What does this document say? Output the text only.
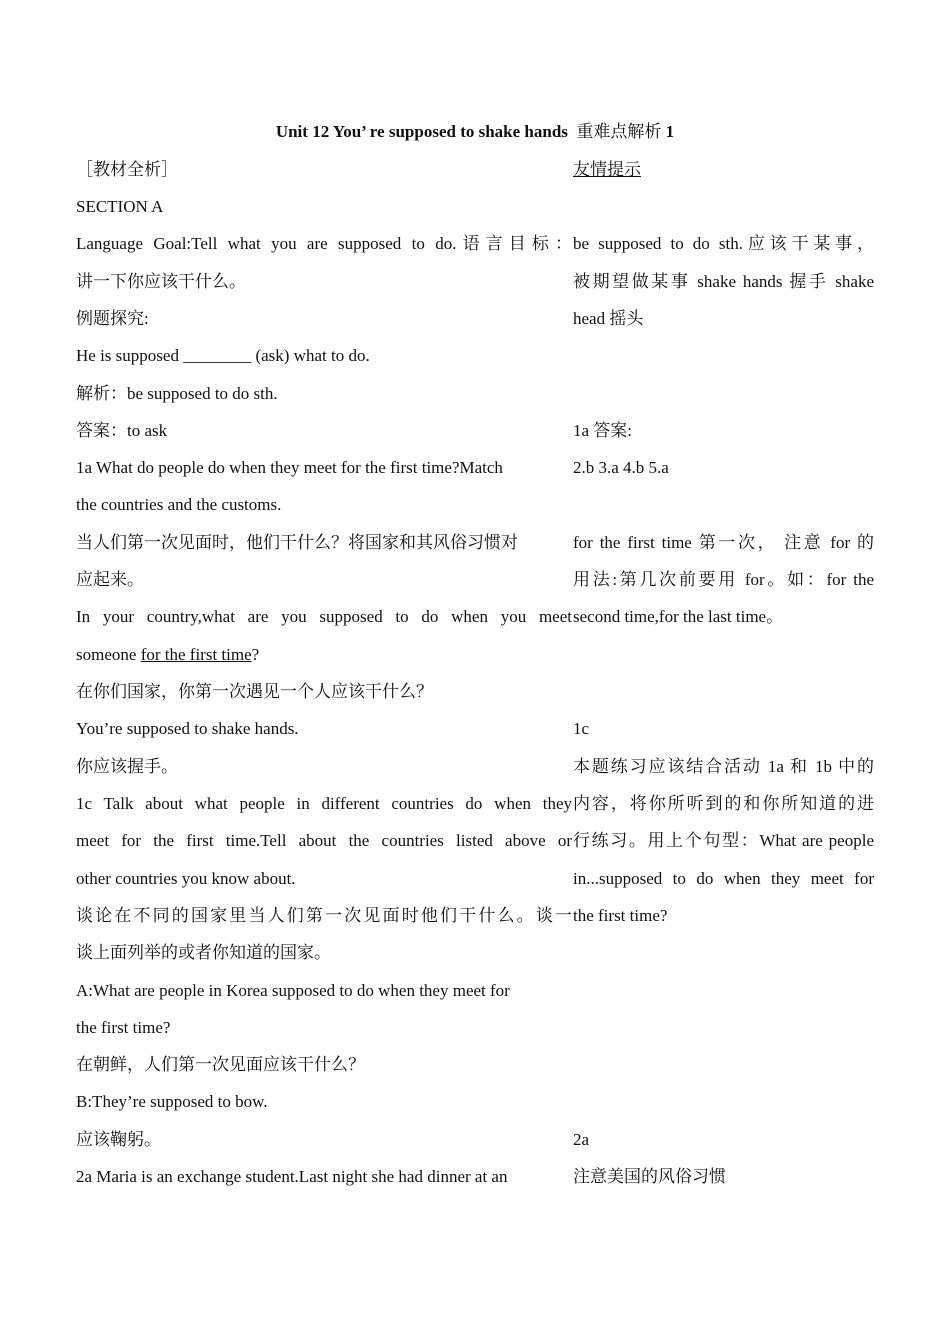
Unit 12 You’ re supposed to shake hands 重难点解析 1
［教材全析］
SECTION A
Language Goal:Tell what you are supposed to do.语言目标：
讲一下你应该干什么。
例题探究:
He is supposed ________ (ask) what to do.
解析：be supposed to do sth.
答案：to ask
1a What do people do when they meet for the first time?Match
the countries and the customs.
当人们第一次见面时，他们干什么？将国家和其风俗习惯对
应起来。
In your country,what are you supposed to do when you meet
someone for the first time?
在你们国家，你第一次遇见一个人应该干什么？
You’re supposed to shake hands.
你应该握手。
1c Talk about what people in different countries do when they
meet for the first time.Tell about the countries listed above or
other countries you know about.
谈论在不同的国家里当人们第一次见面时他们干什么。谈一
谈上面列举的或者你知道的国家。
A:What are people in Korea supposed to do when they meet for
the first time?
在朝鲜，人们第一次见面应该干什么？
B:They’re supposed to bow.
应该鞠躬。
2a Maria is an exchange student.Last night she had dinner at an
友情提示
be supposed to do sth.应该干某事，
被期望做某事 shake hands 握手 shake
head 摇头
1a 答案:
2.b 3.a 4.b 5.a
for the first time 第一次， 注意 for 的
用法:第几次前要用 for。如：for the
second time,for the last time。
1c
本题练习应该结合活动 1a 和 1b 中的
内容，将你所听到的和你所知道的进
行练习。用上个句型：What are people
in...supposed to do when they meet for
the first time?
2a
注意美国的风俗习惯
